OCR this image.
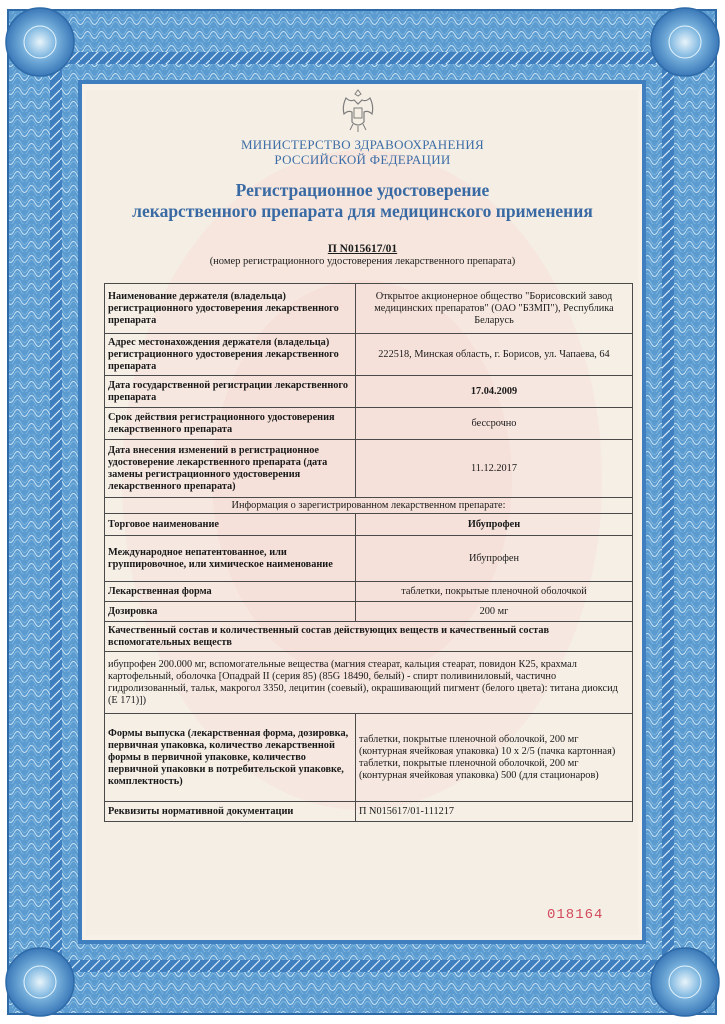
МИНИСТЕРСТВО ЗДРАВООХРАНЕНИЯ
РОССИЙСКОЙ ФЕДЕРАЦИИ
Регистрационное удостоверение
лекарственного препарата для медицинского применения
П N015617/01
(номер регистрационного удостоверения лекарственного препарата)
Наименование держателя (владельца) регистрационного удостоверения лекарственного препарата	Открытое акционерное общество "Борисовский завод медицинских препаратов" (ОАО "БЗМП"), Республика Беларусь
Адрес местонахождения держателя (владельца) регистрационного удостоверения лекарственного препарата	222518, Минская область, г. Борисов, ул. Чапаева, 64
Дата государственной регистрации лекарственного препарата	17.04.2009
Срок действия регистрационного удостоверения лекарственного препарата	бессрочно
Дата внесения изменений в регистрационное удостоверение лекарственного препарата (дата замены регистрационного удостоверения лекарственного препарата)	11.12.2017
Информация о зарегистрированном лекарственном препарате:	
Торговое наименование	Ибупрофен
Международное непатентованное, или группировочное, или химическое наименование	Ибупрофен
Лекарственная форма	таблетки, покрытые пленочной оболочкой
Дозировка	200 мг
Качественный состав и количественный состав действующих веществ и качественный состав вспомогательных веществ	
ибупрофен 200.000 мг, вспомогательные вещества (магния стеарат, кальция стеарат, повидон К25, крахмал картофельный, оболочка [Опадрай II (серия 85) (85G 18490, белый) - спирт поливиниловый, частично гидролизованный, тальк, макрогол 3350, лецитин (соевый), окрашивающий пигмент (белого цвета): титана диоксид (Е 171)])	
Формы выпуска (лекарственная форма, дозировка, первичная упаковка, количество лекарственной формы в первичной упаковке, количество первичной упаковки в потребительской упаковке, комплектность)	таблетки, покрытые пленочной оболочкой, 200 мг (контурная ячейковая упаковка) 10 x 2/5 (пачка картонная)
таблетки, покрытые пленочной оболочкой, 200 мг (контурная ячейковая упаковка) 500 (для стационаров)

Реквизиты нормативной документации	П N015617/01-111217
018164
